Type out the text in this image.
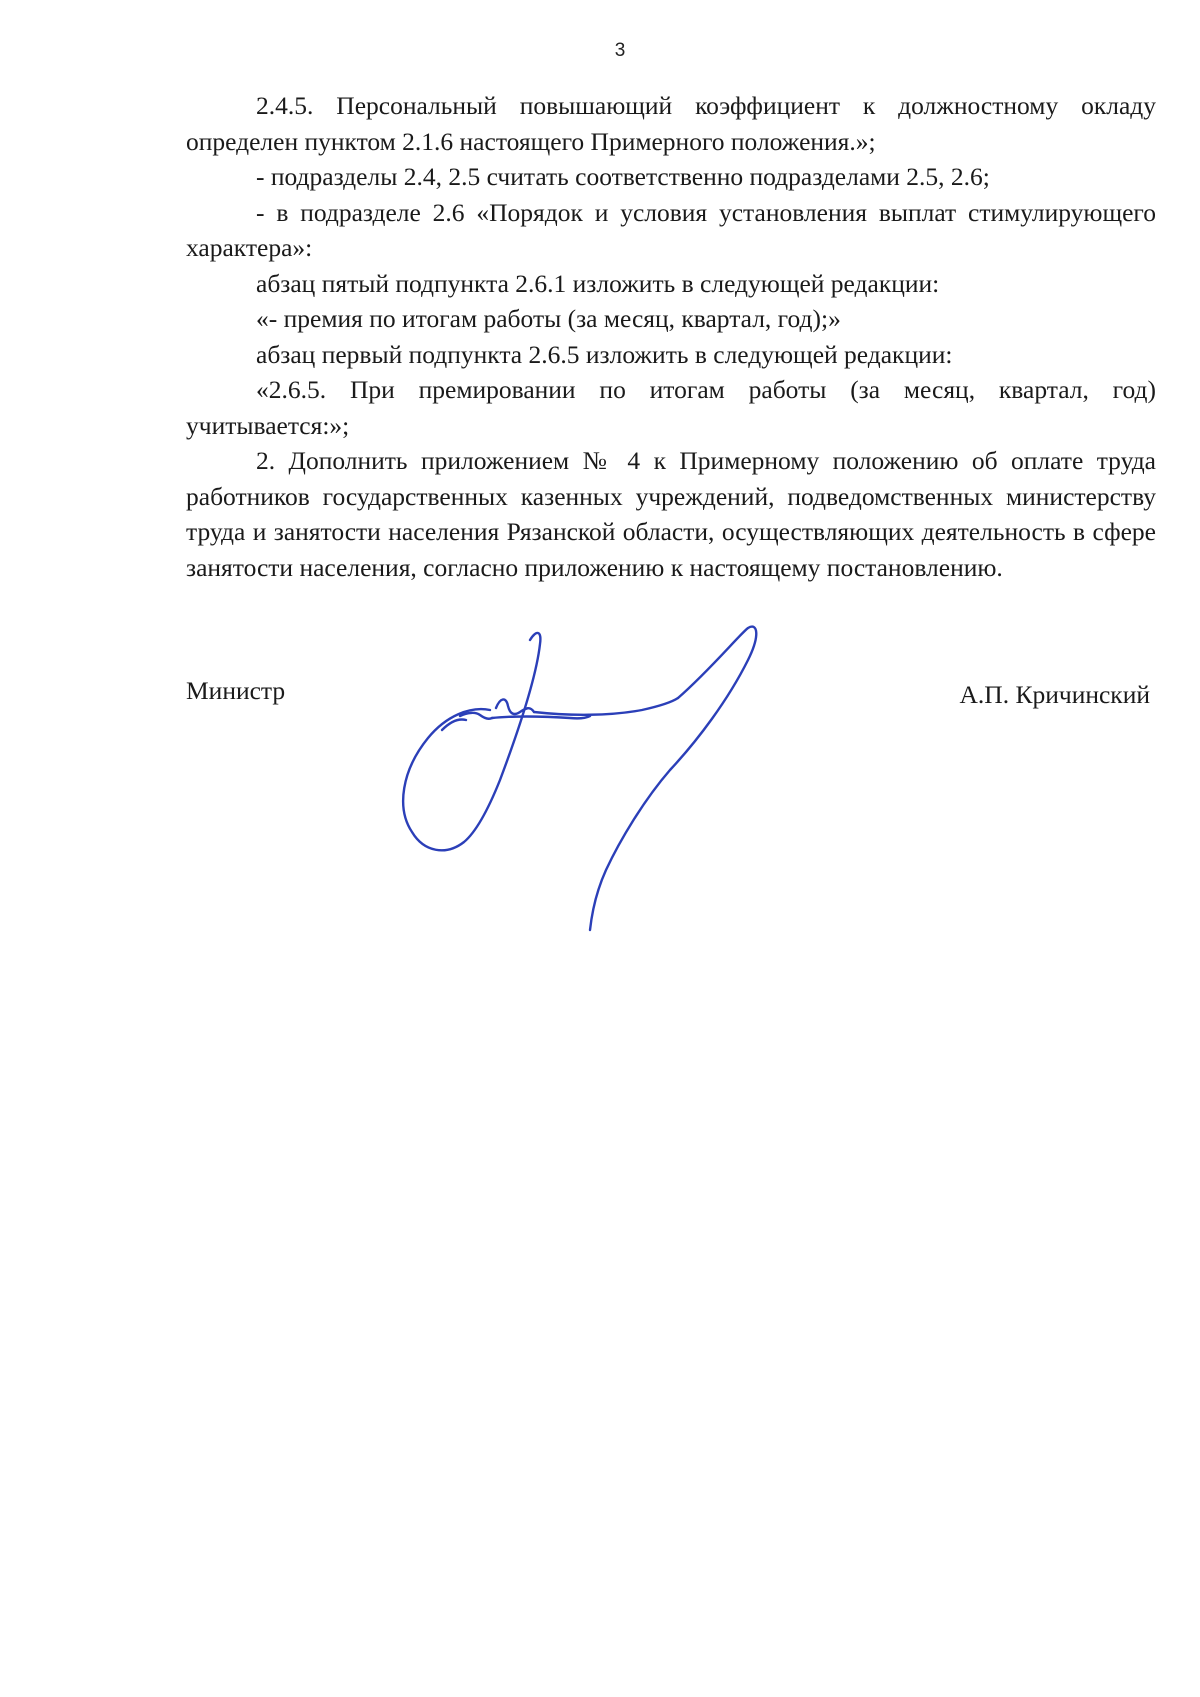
3

2.4.5. Персональный повышающий коэффициент к должностному окладу определен пунктом 2.1.6 настоящего Примерного положения.»;

- подразделы 2.4, 2.5 считать соответственно подразделами 2.5, 2.6;

- в подразделе 2.6 «Порядок и условия установления выплат стимулирующего характера»:

абзац пятый подпункта 2.6.1 изложить в следующей редакции:

«- премия по итогам работы (за месяц, квартал, год);»

абзац первый подпункта 2.6.5 изложить в следующей редакции:

«2.6.5. При премировании по итогам работы (за месяц, квартал, год) учитывается:»;

2. Дополнить приложением № 4 к Примерному положению об оплате труда работников государственных казенных учреждений, подведомственных министерству труда и занятости населения Рязанской области, осуществляющих деятельность в сфере занятости населения, согласно приложению к настоящему постановлению.

Министр	А.П. Кричинский
